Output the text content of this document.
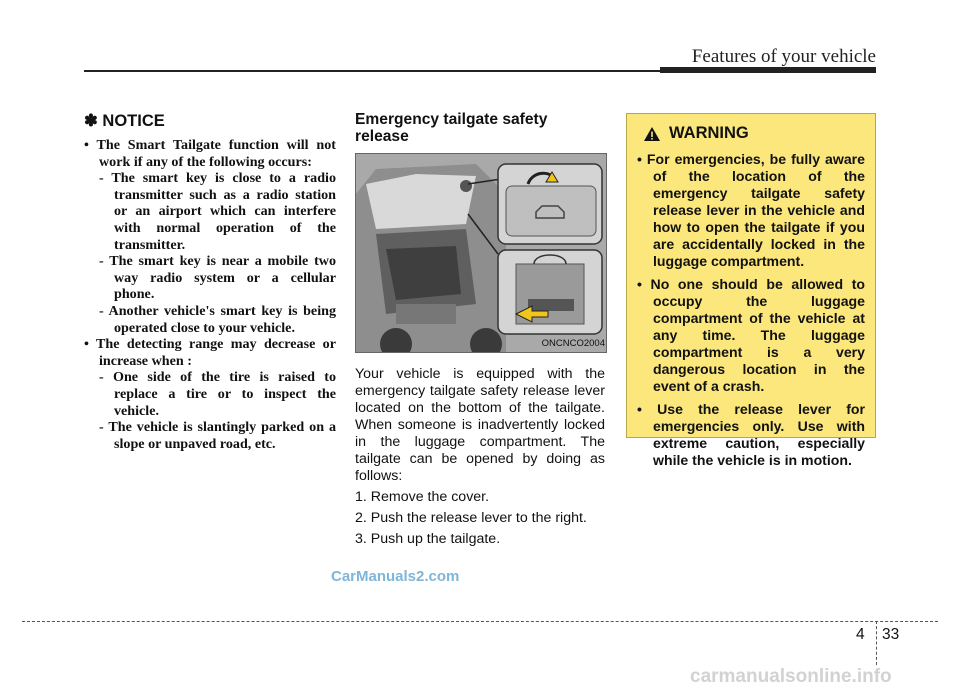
Features of your vehicle
✽ NOTICE
• The Smart Tailgate function will not work if any of the following occurs:
- The smart key is close to a radio transmitter such as a radio station or an airport which can interfere with normal operation of the transmitter.
- The smart key is near a mobile two way radio system or a cellular phone.
- Another vehicle's smart key is being operated close to your vehicle.
• The detecting range may decrease or increase when :
- One side of the tire is raised to replace a tire or to inspect the vehicle.
- The vehicle is slantingly parked on a slope or unpaved road, etc.
Emergency tailgate safety release
ONCNCO2004
Your vehicle is equipped with the emergency tailgate safety release lever located on the bottom of the tailgate. When someone is inadvertently locked in the luggage compartment. The tailgate can be opened by doing as follows:
1. Remove the cover.
2. Push the release lever to the right.
3. Push up the tailgate.
WARNING
• For emergencies, be fully aware of the location of the emergency tailgate safety release lever in the vehicle and how to open the tailgate if you are accidentally locked in the luggage compartment.
• No one should be allowed to occupy the luggage compartment of the vehicle at any time. The luggage compartment is a very dangerous location in the event of a crash.
• Use the release lever for emergencies only. Use with extreme caution, especially while the vehicle is in motion.
CarManuals2.com
4 33
carmanualsonline.info
